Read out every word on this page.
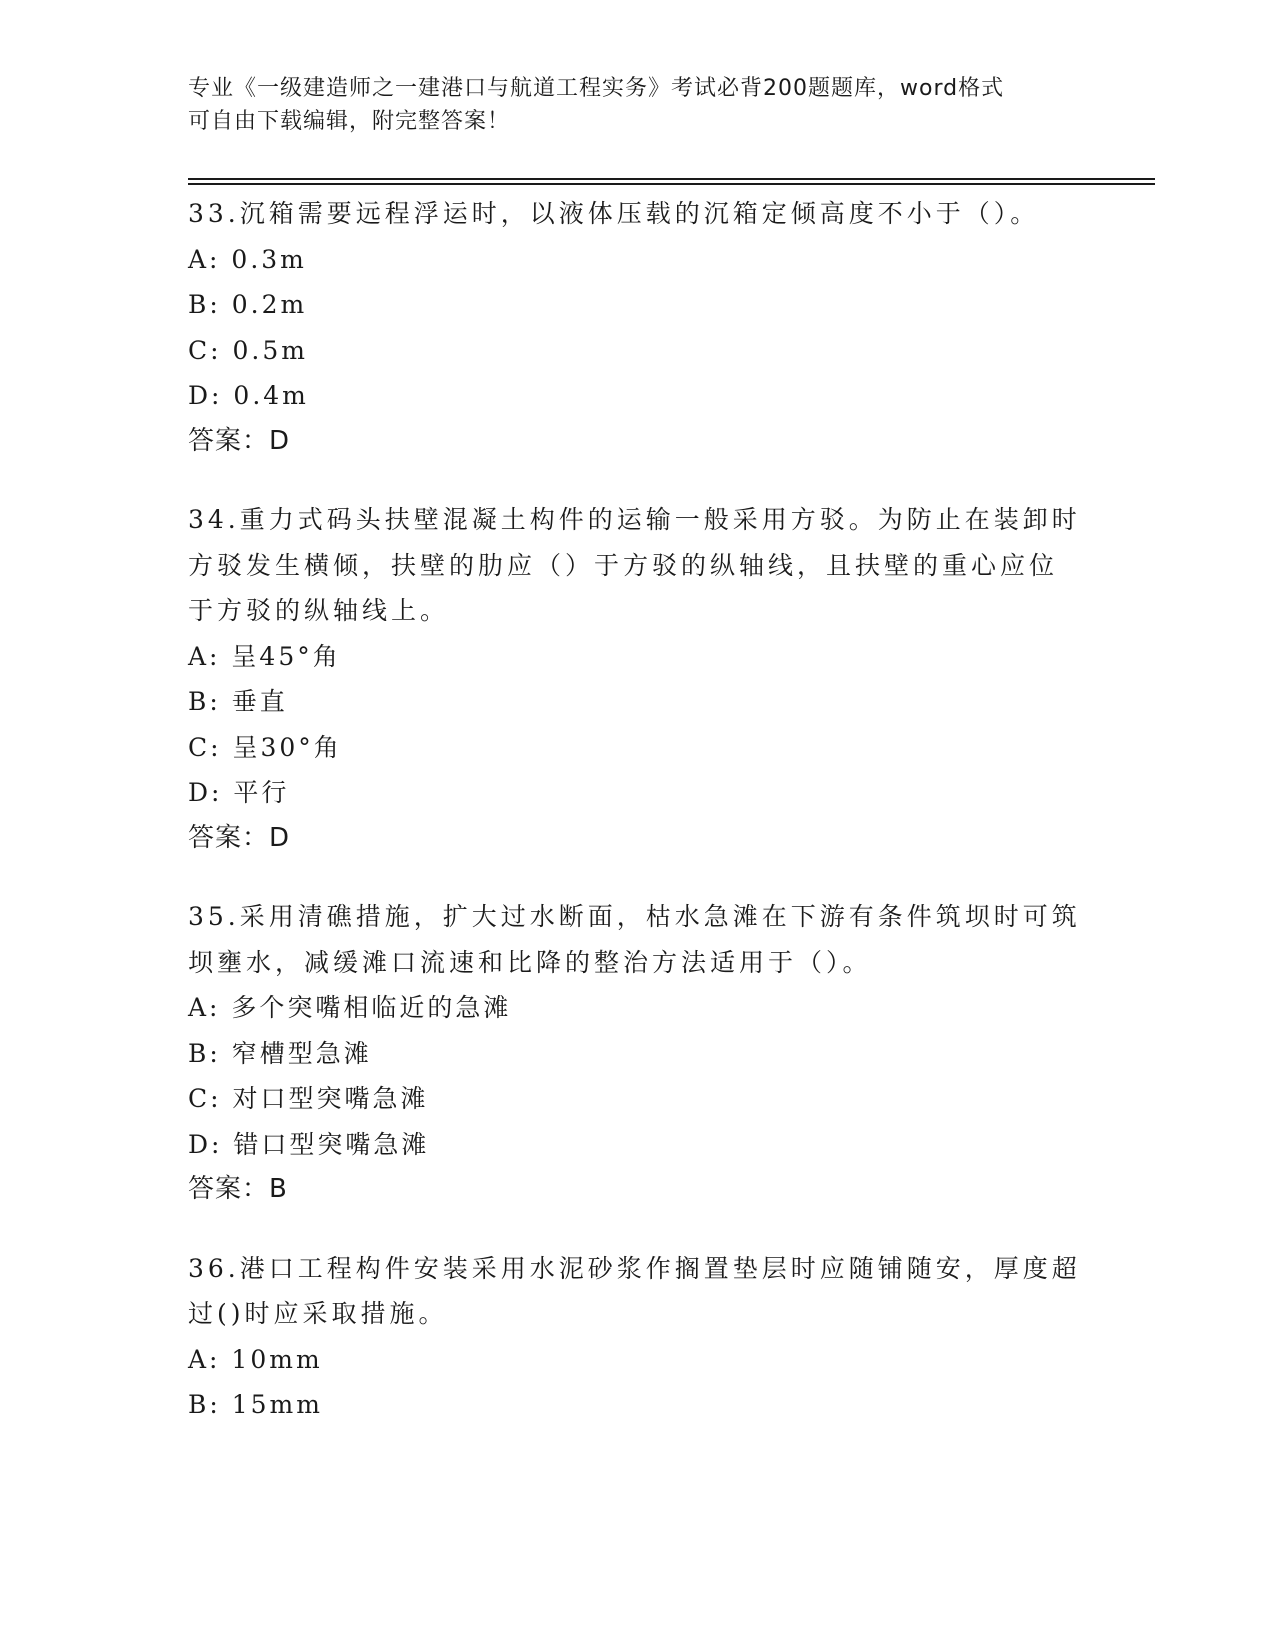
专业《一级建造师之一建港口与航道工程实务》考试必背200题题库，word格式
可自由下载编辑，附完整答案！
33.沉箱需要远程浮运时，以液体压载的沉箱定倾高度不小于（）。
A: 0.3m
B: 0.2m
C: 0.5m
D: 0.4m
答案：D
34.重力式码头扶壁混凝土构件的运输一般采用方驳。为防止在装卸时
方驳发生横倾，扶壁的肋应（）于方驳的纵轴线，且扶壁的重心应位
于方驳的纵轴线上。
A: 呈45°角
B: 垂直
C: 呈30°角
D: 平行
答案：D
35.采用清礁措施，扩大过水断面，枯水急滩在下游有条件筑坝时可筑
坝壅水，减缓滩口流速和比降的整治方法适用于（）。
A: 多个突嘴相临近的急滩
B: 窄槽型急滩
C: 对口型突嘴急滩
D: 错口型突嘴急滩
答案：B
36.港口工程构件安装采用水泥砂浆作搁置垫层时应随铺随安，厚度超
过()时应采取措施。
A: 10mm
B: 15mm
